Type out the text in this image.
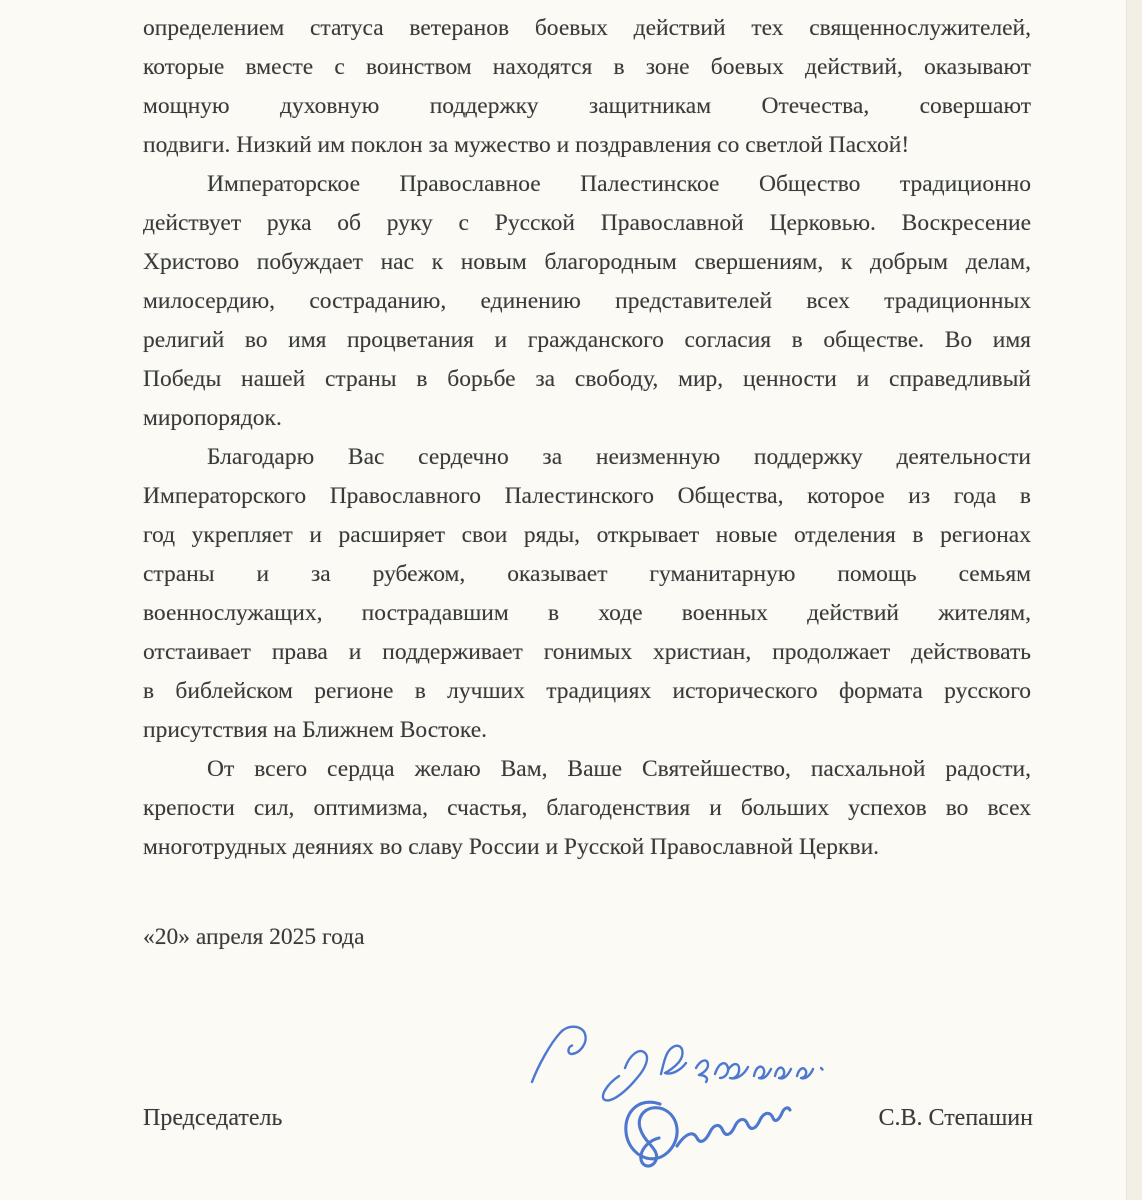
определением статуса ветеранов боевых действий тех священнослужителей,
которые вместе с воинством находятся в зоне боевых действий, оказывают
мощную духовную поддержку защитникам Отечества, совершают
подвиги. Низкий им поклон за мужество и поздравления со светлой Пасхой!
Императорское Православное Палестинское Общество традиционно
действует рука об руку с Русской Православной Церковью. Воскресение
Христово побуждает нас к новым благородным свершениям, к добрым делам,
милосердию, состраданию, единению представителей всех традиционных
религий во имя процветания и гражданского согласия в обществе. Во имя
Победы нашей страны в борьбе за свободу, мир, ценности и справедливый
миропорядок.
Благодарю Вас сердечно за неизменную поддержку деятельности
Императорского Православного Палестинского Общества, которое из года в
год укрепляет и расширяет свои ряды, открывает новые отделения в регионах
страны и за рубежом, оказывает гуманитарную помощь семьям
военнослужащих, пострадавшим в ходе военных действий жителям,
отстаивает права и поддерживает гонимых христиан, продолжает действовать
в библейском регионе в лучших традициях исторического формата русского
присутствия на Ближнем Востоке.
От всего сердца желаю Вам, Ваше Святейшество, пасхальной радости,
крепости сил, оптимизма, счастья, благоденствия и больших успехов во всех
многотрудных деяниях во славу России и Русской Православной Церкви.
«20» апреля 2025 года
Председатель	С.В. Степашин
